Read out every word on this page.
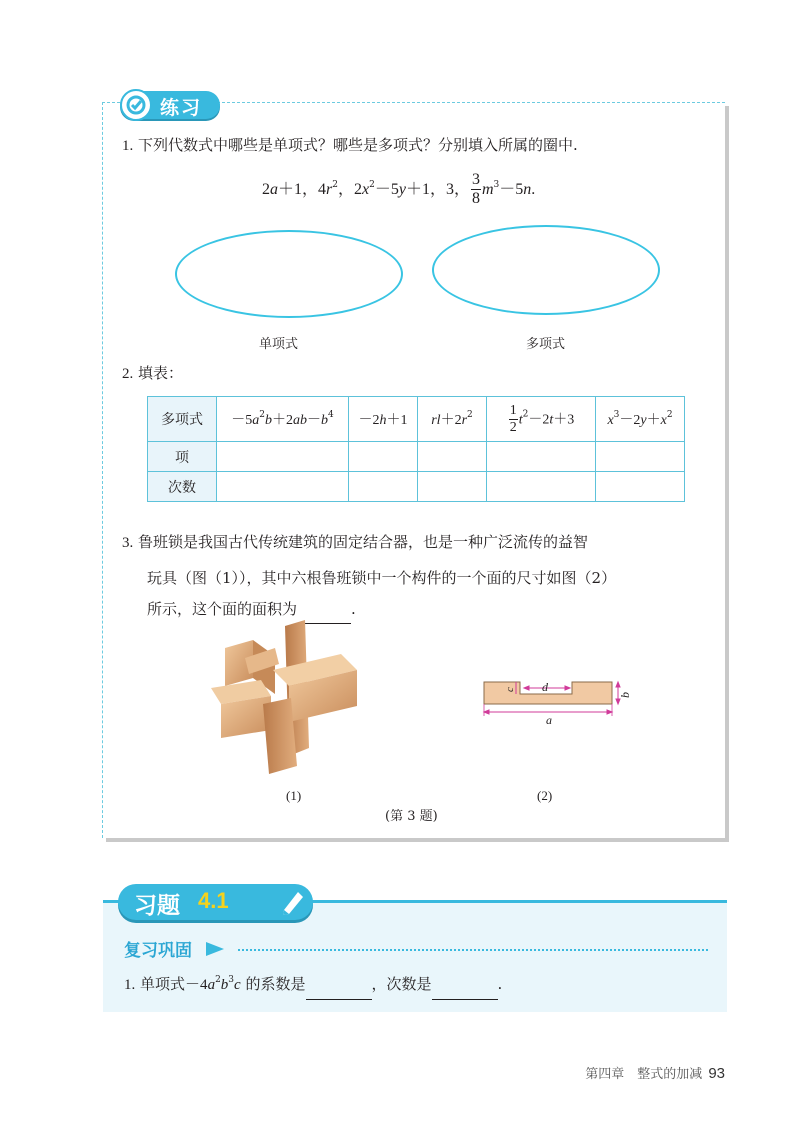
练习
1. 下列代数式中哪些是单项式？哪些是多项式？分别填入所属的圈中.
2a＋1，$4r^2$，$2x^2-5y+1$，3， $\frac{3}{8} m^3-5n$.
单项式	多项式
2. 填表：
多项式	$-5a^2b+2ab-b^4$	－2h＋1	$rl+2r^2$	$\frac{1}{2} t^2-2t+3$	$x^3-2y+x^2$
项					
次数					
3. 鲁班锁是我国古代传统建筑的固定结合器，也是一种广泛流传的益智
玩具（图（1）），其中六根鲁班锁中一个构件的一个面的尺寸如图（2）
所示，这个面的面积为	.
c d
b
a
(1)	(2)
(第 3 题)
习题 4.1
复习巩固
1. 单项式$-4a^2b^3c$ 的系数是	，次数是	.
第四章　整式的加减 93
